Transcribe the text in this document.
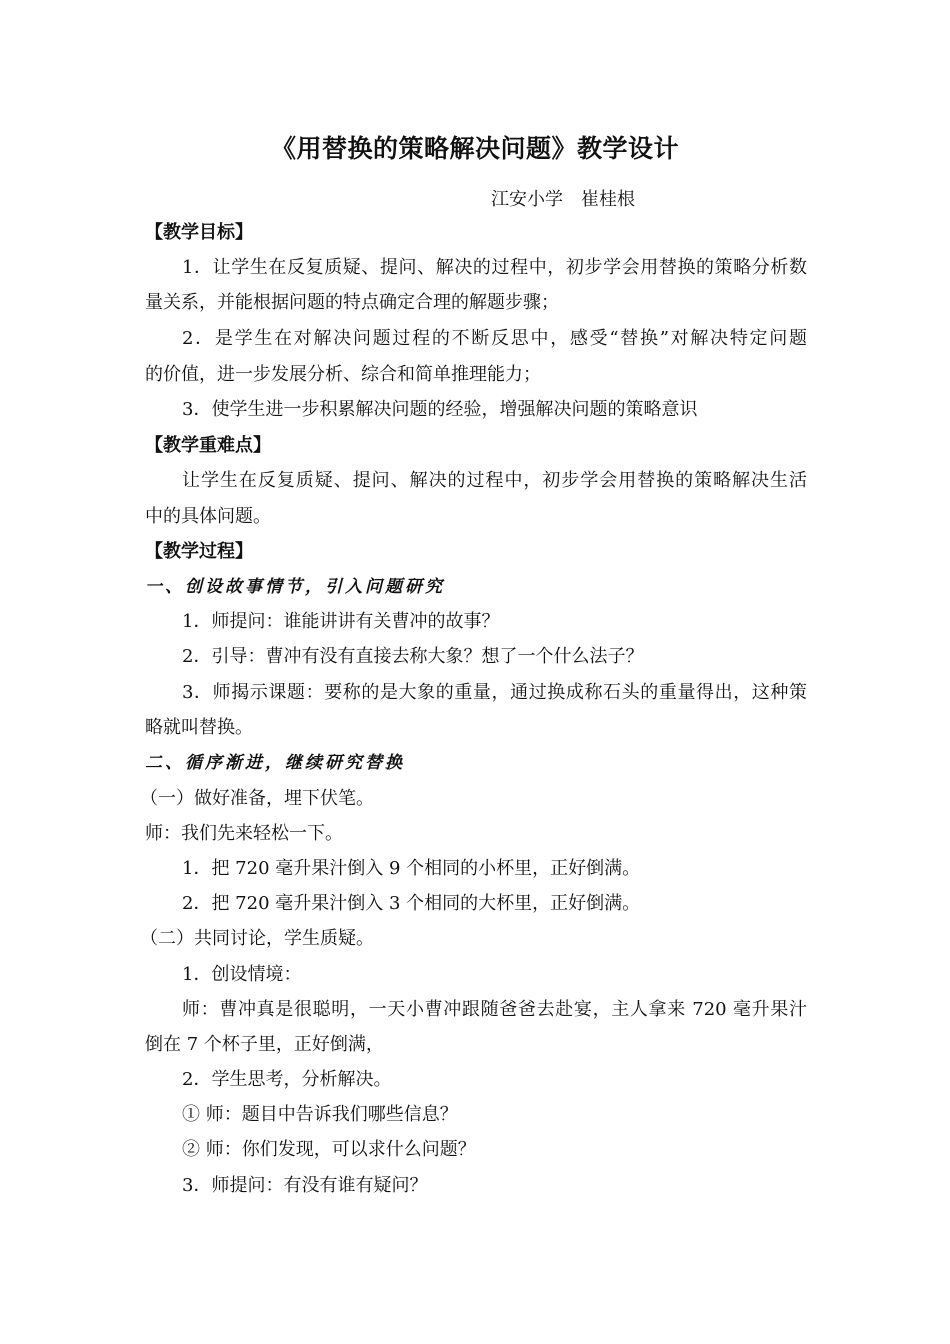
《用替换的策略解决问题》教学设计
江安小学　崔桂根
【教学目标】
1．让学生在反复质疑、提问、解决的过程中，初步学会用替换的策略分析数
量关系，并能根据问题的特点确定合理的解题步骤；
2．是学生在对解决问题过程的不断反思中，感受“替换”对解决特定问题
的价值，进一步发展分析、综合和简单推理能力；
3．使学生进一步积累解决问题的经验，增强解决问题的策略意识
【教学重难点】
让学生在反复质疑、提问、解决的过程中，初步学会用替换的策略解决生活
中的具体问题。
【教学过程】
一、创设故事情节，引入问题研究
1．师提问：谁能讲讲有关曹冲的故事？
2．引导：曹冲有没有直接去称大象？想了一个什么法子？
3．师揭示课题：要称的是大象的重量，通过换成称石头的重量得出，这种策
略就叫替换。
二、循序渐进，继续研究替换
（一）做好准备，埋下伏笔。
师：我们先来轻松一下。
1．把 720 毫升果汁倒入 9 个相同的小杯里，正好倒满。
2．把 720 毫升果汁倒入 3 个相同的大杯里，正好倒满。
（二）共同讨论，学生质疑。
1．创设情境：
师：曹冲真是很聪明，一天小曹冲跟随爸爸去赴宴，主人拿来 720 毫升果汁
倒在 7 个杯子里，正好倒满，
2．学生思考，分析解决。
① 师：题目中告诉我们哪些信息？
② 师：你们发现，可以求什么问题？
3．师提问：有没有谁有疑问？
